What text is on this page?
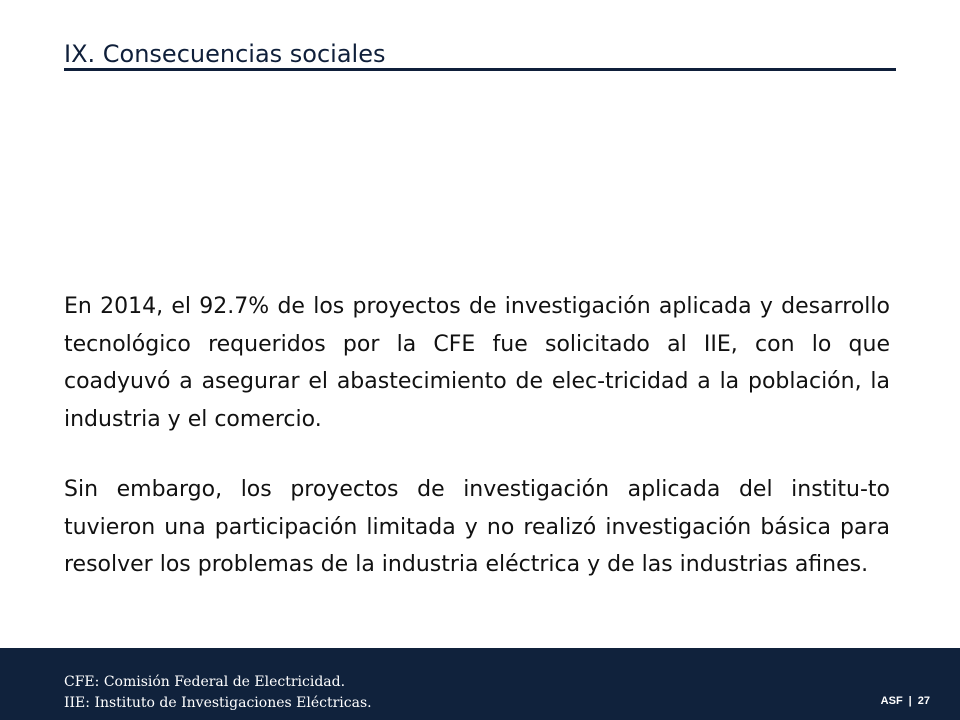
IX. Consecuencias sociales

En 2014, el 92.7% de los proyectos de investigación aplicada y desarrollo tecnológico requeridos por la CFE fue solicitado al IIE, con lo que coadyuvó a asegurar el abastecimiento de elec-tricidad a la población, la industria y el comercio.

Sin embargo, los proyectos de investigación aplicada del institu-to tuvieron una participación limitada y no realizó investigación básica para resolver los problemas de la industria eléctrica y de las industrias afines.

CFE: Comisión Federal de Electricidad.
IIE: Instituto de Investigaciones Eléctricas.	ASF | 27
